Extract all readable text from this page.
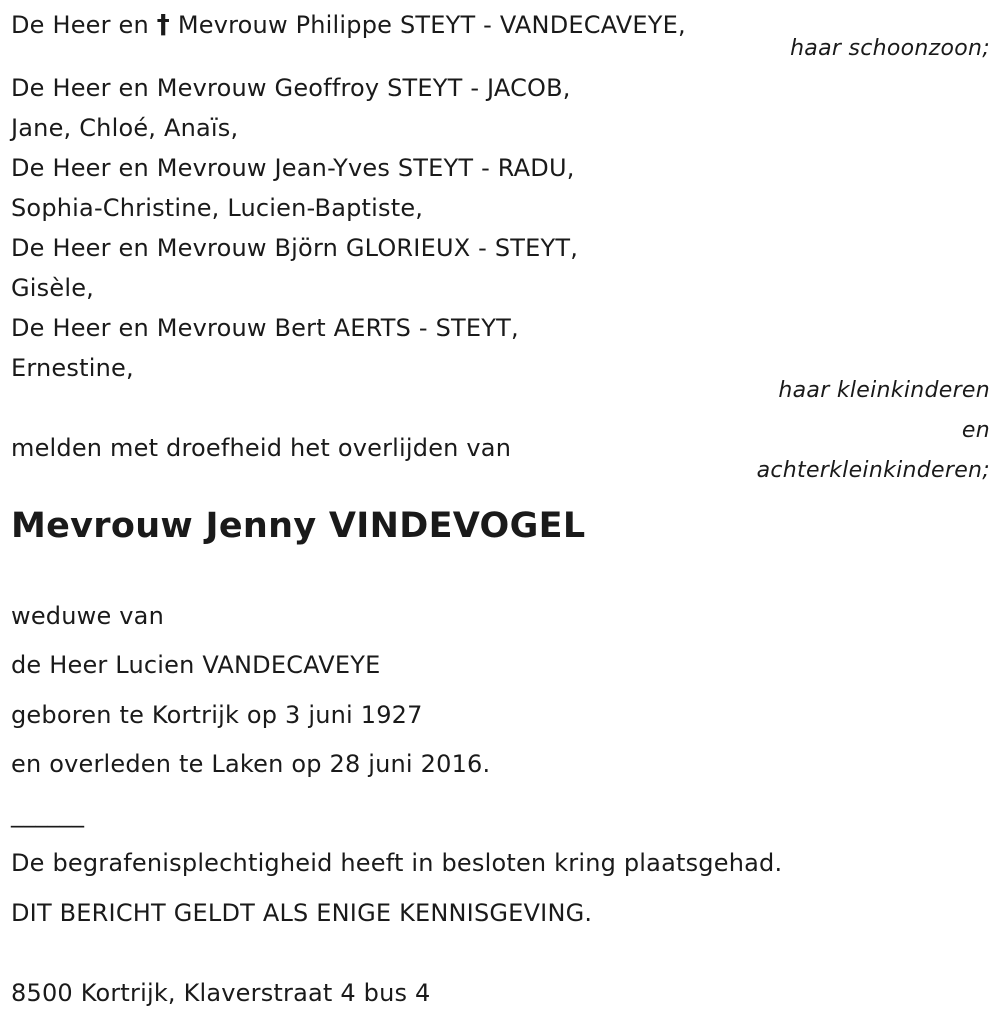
De Heer en † Mevrouw Philippe STEYT - VANDECAVEYE,
haar schoonzoon;
De Heer en Mevrouw Geoffroy STEYT - JACOB,
Jane, Chloé, Anaïs,
De Heer en Mevrouw Jean-Yves STEYT - RADU,
Sophia-Christine, Lucien-Baptiste,
De Heer en Mevrouw Björn GLORIEUX - STEYT,
Gisèle,
De Heer en Mevrouw Bert AERTS - STEYT,
Ernestine,
haar kleinkinderen
en
achterkleinkinderen;
melden met droefheid het overlijden van
Mevrouw Jenny VINDEVOGEL
weduwe van
de Heer Lucien VANDECAVEYE
geboren te Kortrijk op 3 juni 1927
en overleden te Laken op 28 juni 2016.
______
De begrafenisplechtigheid heeft in besloten kring plaatsgehad.
DIT BERICHT GELDT ALS ENIGE KENNISGEVING.
8500 Kortrijk, Klaverstraat 4 bus 4
